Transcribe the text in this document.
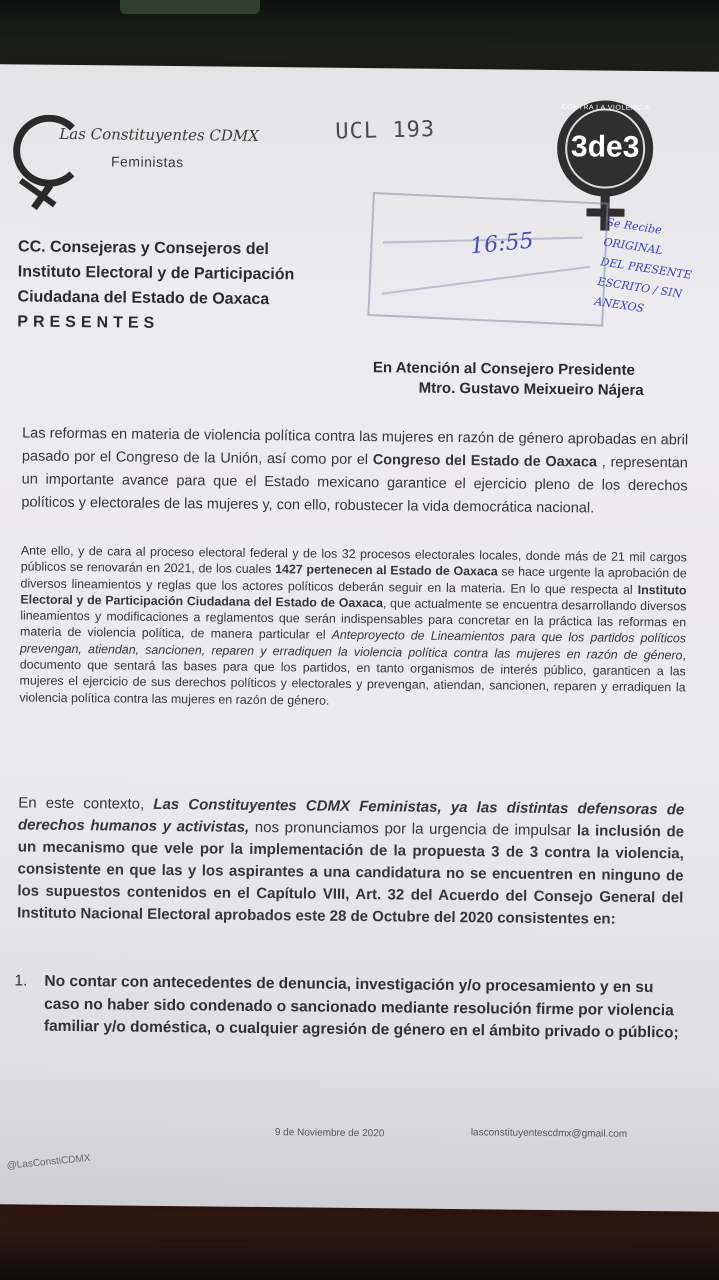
Las Constituyentes CDMX
Feministas
UCL 193
CONTRA LA VIOLENCIA
3de3
CC. Consejeras y Consejeros del
Instituto Electoral y de Participación
Ciudadana del Estado de Oaxaca
PRESENTES
16:55
Se Recibe
ORIGINAL
DEL PRESENTE
ESCRITO / SIN
ANEXOS
En Atención al Consejero Presidente
Mtro. Gustavo Meixueiro Nájera
Las reformas en materia de violencia política contra las mujeres en razón de género aprobadas en abril pasado por el Congreso de la Unión, así como por el Congreso del Estado de Oaxaca , representan un importante avance para que el Estado mexicano garantice el ejercicio pleno de los derechos políticos y electorales de las mujeres y, con ello, robustecer la vida democrática nacional.
Ante ello, y de cara al proceso electoral federal y de los 32 procesos electorales locales, donde más de 21 mil cargos públicos se renovarán en 2021, de los cuales 1427 pertenecen al Estado de Oaxaca se hace urgente la aprobación de diversos lineamientos y reglas que los actores políticos deberán seguir en la materia. En lo que respecta al Instituto Electoral y de Participación Ciudadana del Estado de Oaxaca, que actualmente se encuentra desarrollando diversos lineamientos y modificaciones a reglamentos que serán indispensables para concretar en la práctica las reformas en materia de violencia política, de manera particular el Anteproyecto de Lineamientos para que los partidos políticos prevengan, atiendan, sancionen, reparen y erradiquen la violencia política contra las mujeres en razón de género, documento que sentará las bases para que los partidos, en tanto organismos de interés público, garanticen a las mujeres el ejercicio de sus derechos políticos y electorales y prevengan, atiendan, sancionen, reparen y erradiquen la violencia política contra las mujeres en razón de género.
En este contexto, Las Constituyentes CDMX Feministas, ya las distintas defensoras de derechos humanos y activistas, nos pronunciamos por la urgencia de impulsar la inclusión de un mecanismo que vele por la implementación de la propuesta 3 de 3 contra la violencia, consistente en que las y los aspirantes a una candidatura no se encuentren en ninguno de los supuestos contenidos en el Capítulo VIII, Art. 32 del Acuerdo del Consejo General del Instituto Nacional Electoral aprobados este 28 de Octubre del 2020 consistentes en:
1.	No contar con antecedentes de denuncia, investigación y/o procesamiento y en su caso no haber sido condenado o sancionado mediante resolución firme por violencia familiar y/o doméstica, o cualquier agresión de género en el ámbito privado o público;
9 de Noviembre de 2020	lasconstituyentescdmx@gmail.com
@LasConstiCDMX
